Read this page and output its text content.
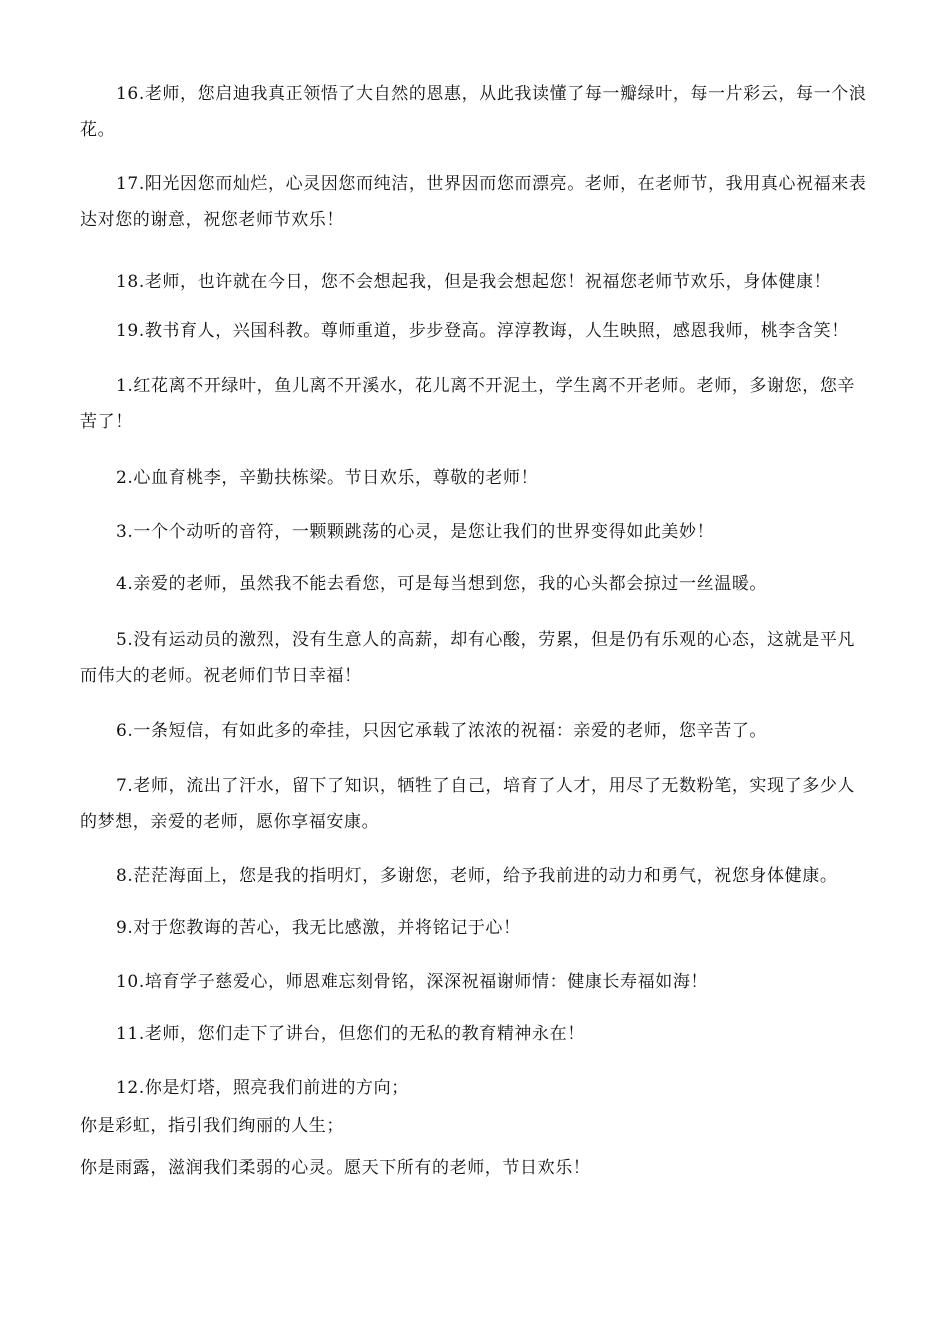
16.老师，您启迪我真正领悟了大自然的恩惠，从此我读懂了每一瓣绿叶，每一片彩云，每一个浪花。

17.阳光因您而灿烂，心灵因您而纯洁，世界因而您而漂亮。老师，在老师节，我用真心祝福来表达对您的谢意，祝您老师节欢乐！

18.老师，也许就在今日，您不会想起我，但是我会想起您！祝福您老师节欢乐，身体健康！

19.教书育人，兴国科教。尊师重道，步步登高。淳淳教诲，人生映照，感恩我师，桃李含笑！

1.红花离不开绿叶，鱼儿离不开溪水，花儿离不开泥土，学生离不开老师。老师，多谢您，您辛苦了！

2.心血育桃李，辛勤扶栋梁。节日欢乐，尊敬的老师！

3.一个个动听的音符，一颗颗跳荡的心灵，是您让我们的世界变得如此美妙！

4.亲爱的老师，虽然我不能去看您，可是每当想到您，我的心头都会掠过一丝温暖。

5.没有运动员的激烈，没有生意人的高薪，却有心酸，劳累，但是仍有乐观的心态，这就是平凡而伟大的老师。祝老师们节日幸福！

6.一条短信，有如此多的牵挂，只因它承载了浓浓的祝福：亲爱的老师，您辛苦了。

7.老师，流出了汗水，留下了知识，牺牲了自己，培育了人才，用尽了无数粉笔，实现了多少人的梦想，亲爱的老师，愿你享福安康。

8.茫茫海面上，您是我的指明灯，多谢您，老师，给予我前进的动力和勇气，祝您身体健康。

9.对于您教诲的苦心，我无比感激，并将铭记于心！

10.培育学子慈爱心，师恩难忘刻骨铭，深深祝福谢师情：健康长寿福如海！

11.老师，您们走下了讲台，但您们的无私的教育精神永在！

12.你是灯塔，照亮我们前进的方向；

你是彩虹，指引我们绚丽的人生；

你是雨露，滋润我们柔弱的心灵。愿天下所有的老师，节日欢乐！
